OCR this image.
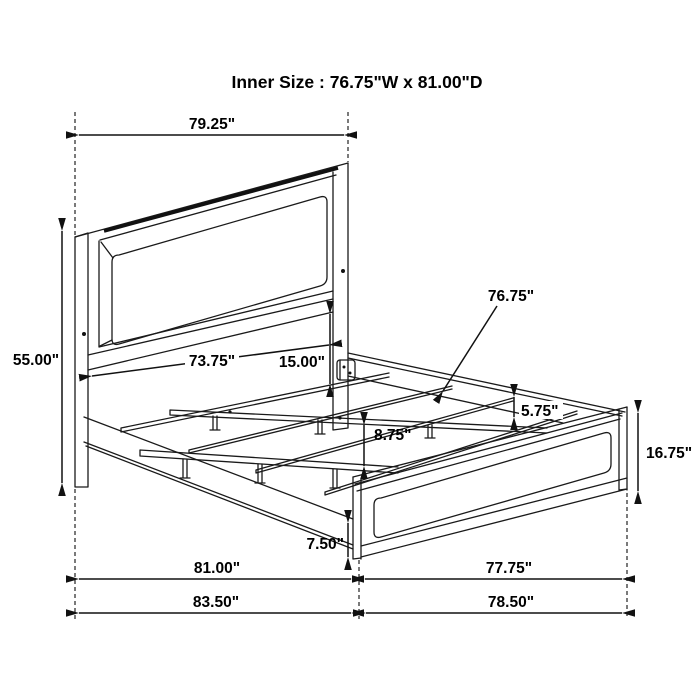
79.25"
55.00"	73.75"	15.00"
76.75"
5.75"
8.75"
16.75"
7.50"
81.00"	77.75"
83.50"	78.50"
Inner Size : 76.75"W x 81.00"D
